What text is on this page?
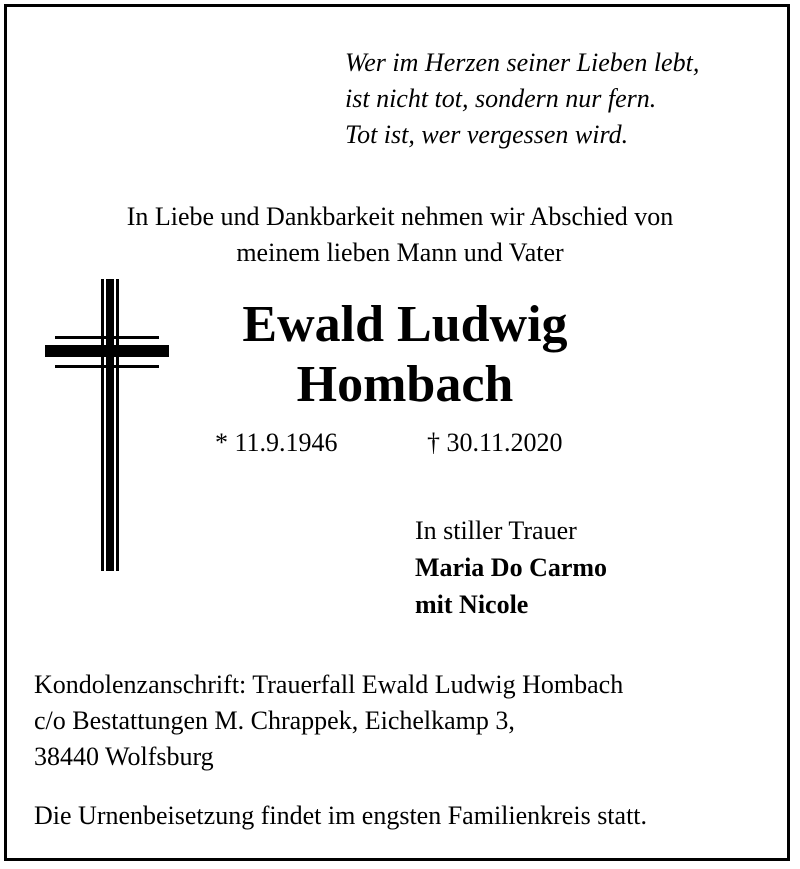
Wer im Herzen seiner Lieben lebt,
ist nicht tot, sondern nur fern.
Tot ist, wer vergessen wird.
In Liebe und Dankbarkeit nehmen wir Abschied von
meinem lieben Mann und Vater
Ewald Ludwig
Hombach
* 11.9.1946	† 30.11.2020
In stiller Trauer
Maria Do Carmo
mit Nicole
Kondolenzanschrift: Trauerfall Ewald Ludwig Hombach
c/o Bestattungen M. Chrappek, Eichelkamp 3,
38440 Wolfsburg
Die Urnenbeisetzung findet im engsten Familienkreis statt.
